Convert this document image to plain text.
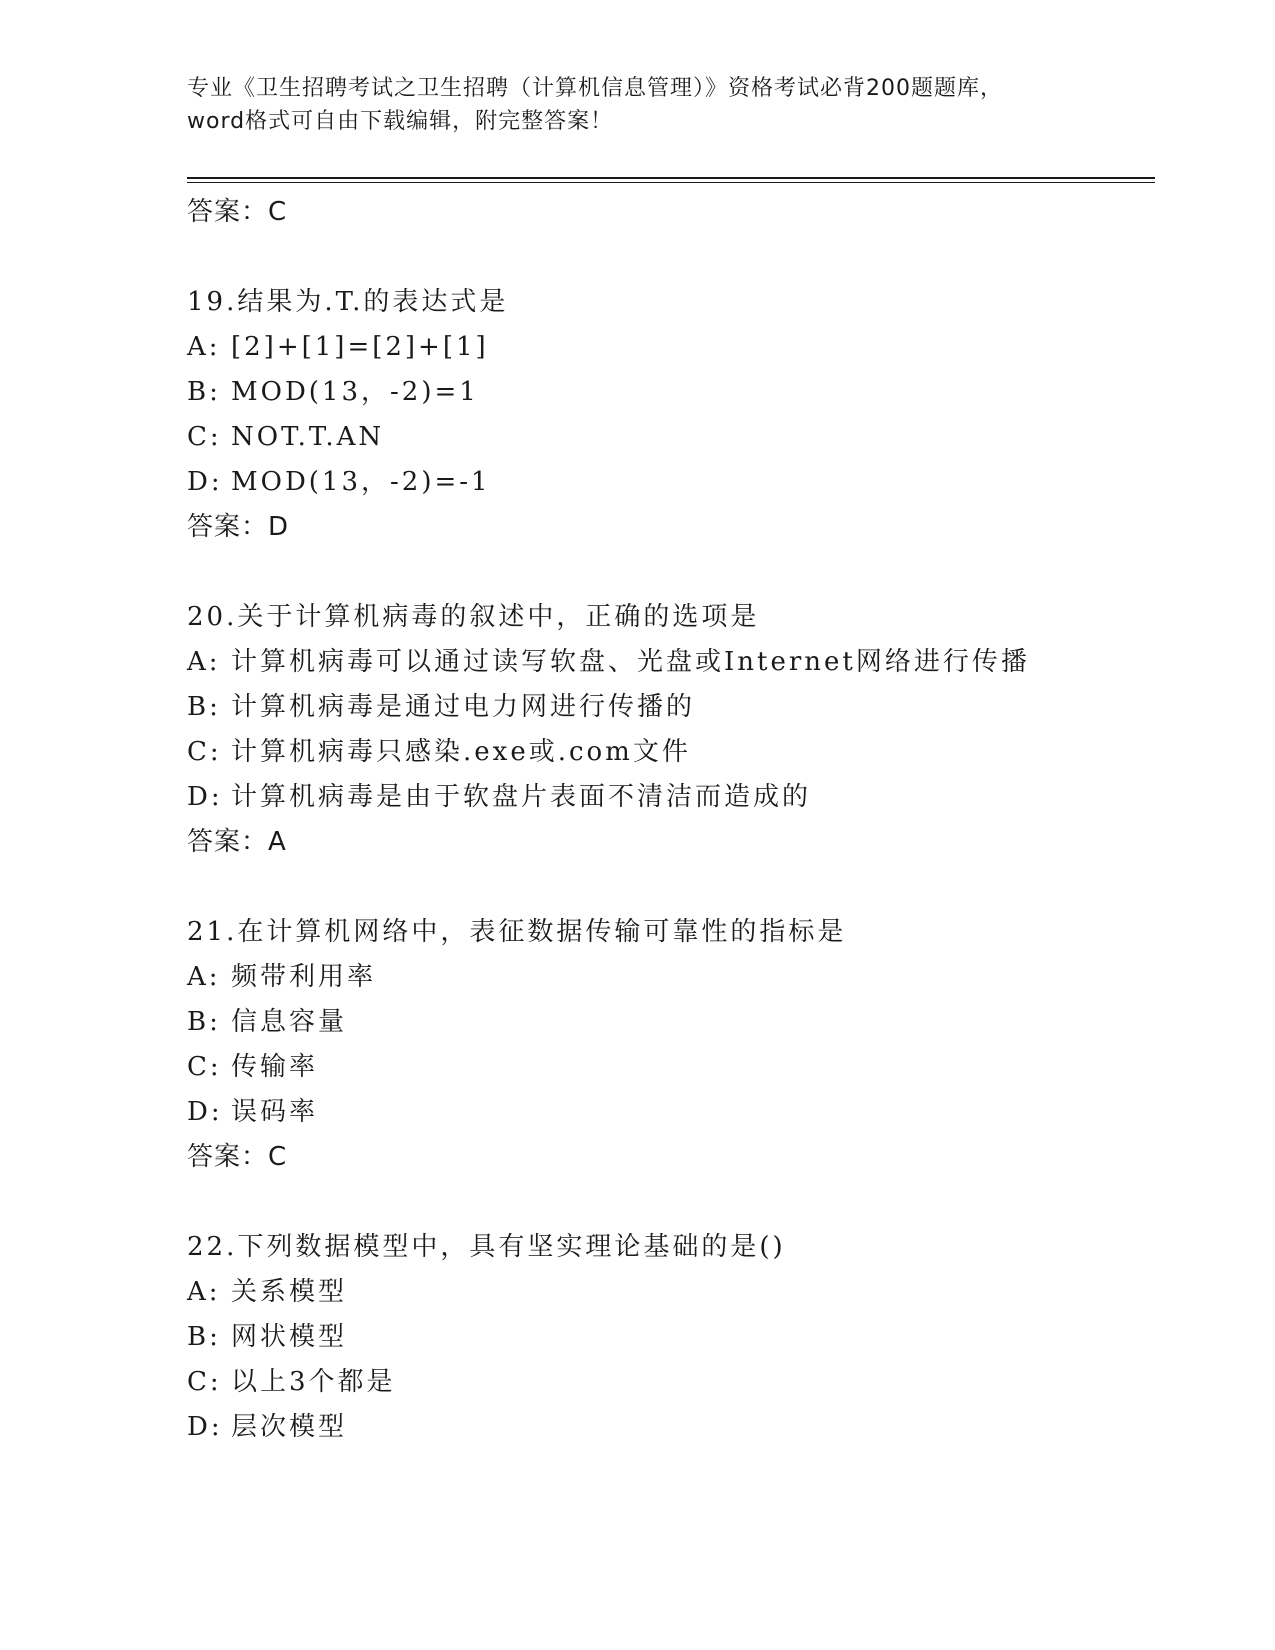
专业《卫生招聘考试之卫生招聘（计算机信息管理）》资格考试必背200题题库，
word格式可自由下载编辑，附完整答案！
答案：C
19.结果为.T.的表达式是
A: [2]+[1]=[2]+[1]
B: MOD(13，-2)=1
C: NOT.T.AN
D: MOD(13，-2)=-1
答案：D
20.关于计算机病毒的叙述中，正确的选项是
A: 计算机病毒可以通过读写软盘、光盘或Internet网络进行传播
B: 计算机病毒是通过电力网进行传播的
C: 计算机病毒只感染.exe或.com文件
D: 计算机病毒是由于软盘片表面不清洁而造成的
答案：A
21.在计算机网络中，表征数据传输可靠性的指标是
A: 频带利用率
B: 信息容量
C: 传输率
D: 误码率
答案：C
22.下列数据模型中，具有坚实理论基础的是()
A: 关系模型
B: 网状模型
C: 以上3个都是
D: 层次模型
